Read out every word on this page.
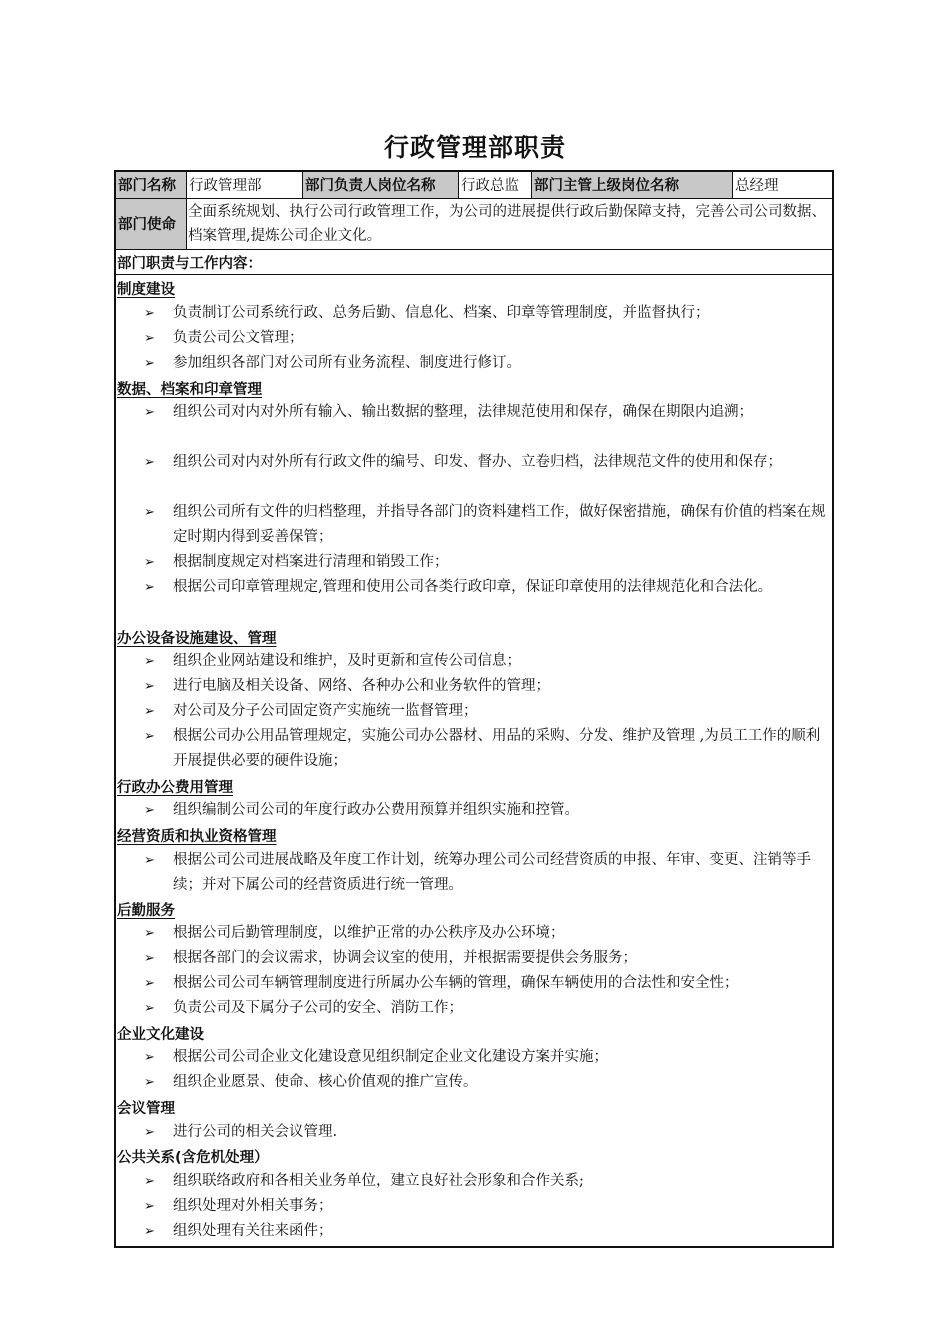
行政管理部职责
部门名称 行政管理部	部门负责人岗位名称 行政总监 部门主管上级岗位名称	总经理
部门使命
全面系统规划、执行公司行政管理工作，为公司的进展提供行政后勤保障支持，完善公司公司数据、档案管理,提炼公司企业文化。
部门职责与工作内容：
制度建设
➢ 负责制订公司系统行政、总务后勤、信息化、档案、印章等管理制度，并监督执行；
➢ 负责公司公文管理；
➢ 参加组织各部门对公司所有业务流程、制度进行修订。
数据、档案和印章管理
➢ 组织公司对内对外所有输入、输出数据的整理，法律规范使用和保存，确保在期限内追溯；
➢ 组织公司对内对外所有行政文件的编号、印发、督办、立卷归档，法律规范文件的使用和保存；
➢ 组织公司所有文件的归档整理，并指导各部门的资料建档工作，做好保密措施，确保有价值的档案在规定时期内得到妥善保管；
➢ 根据制度规定对档案进行清理和销毁工作；
➢ 根据公司印章管理规定,管理和使用公司各类行政印章，保证印章使用的法律规范化和合法化。
办公设备设施建设、管理
➢ 组织企业网站建设和维护，及时更新和宣传公司信息；
➢ 进行电脑及相关设备、网络、各种办公和业务软件的管理；
➢ 对公司及分子公司固定资产实施统一监督管理；
➢ 根据公司办公用品管理规定，实施公司办公器材、用品的采购、分发、维护及管理 ,为员工工作的顺利开展提供必要的硬件设施；
行政办公费用管理
➢ 组织编制公司公司的年度行政办公费用预算并组织实施和控管。
经营资质和执业资格管理
➢ 根据公司公司进展战略及年度工作计划，统筹办理公司公司经营资质的申报、年审、变更、注销等手续；并对下属公司的经营资质进行统一管理。
后勤服务
➢ 根据公司后勤管理制度，以维护正常的办公秩序及办公环境；
➢ 根据各部门的会议需求，协调会议室的使用，并根据需要提供会务服务；
➢ 根据公司公司车辆管理制度进行所属办公车辆的管理，确保车辆使用的合法性和安全性；
➢ 负责公司及下属分子公司的安全、消防工作；
企业文化建设
➢ 根据公司公司企业文化建设意见组织制定企业文化建设方案并实施；
➢ 组织企业愿景、使命、核心价值观的推广宣传。
会议管理
➢ 进行公司的相关会议管理.
公共关系(含危机处理）
➢ 组织联络政府和各相关业务单位，建立良好社会形象和合作关系;
➢ 组织处理对外相关事务；
➢ 组织处理有关往来函件；
